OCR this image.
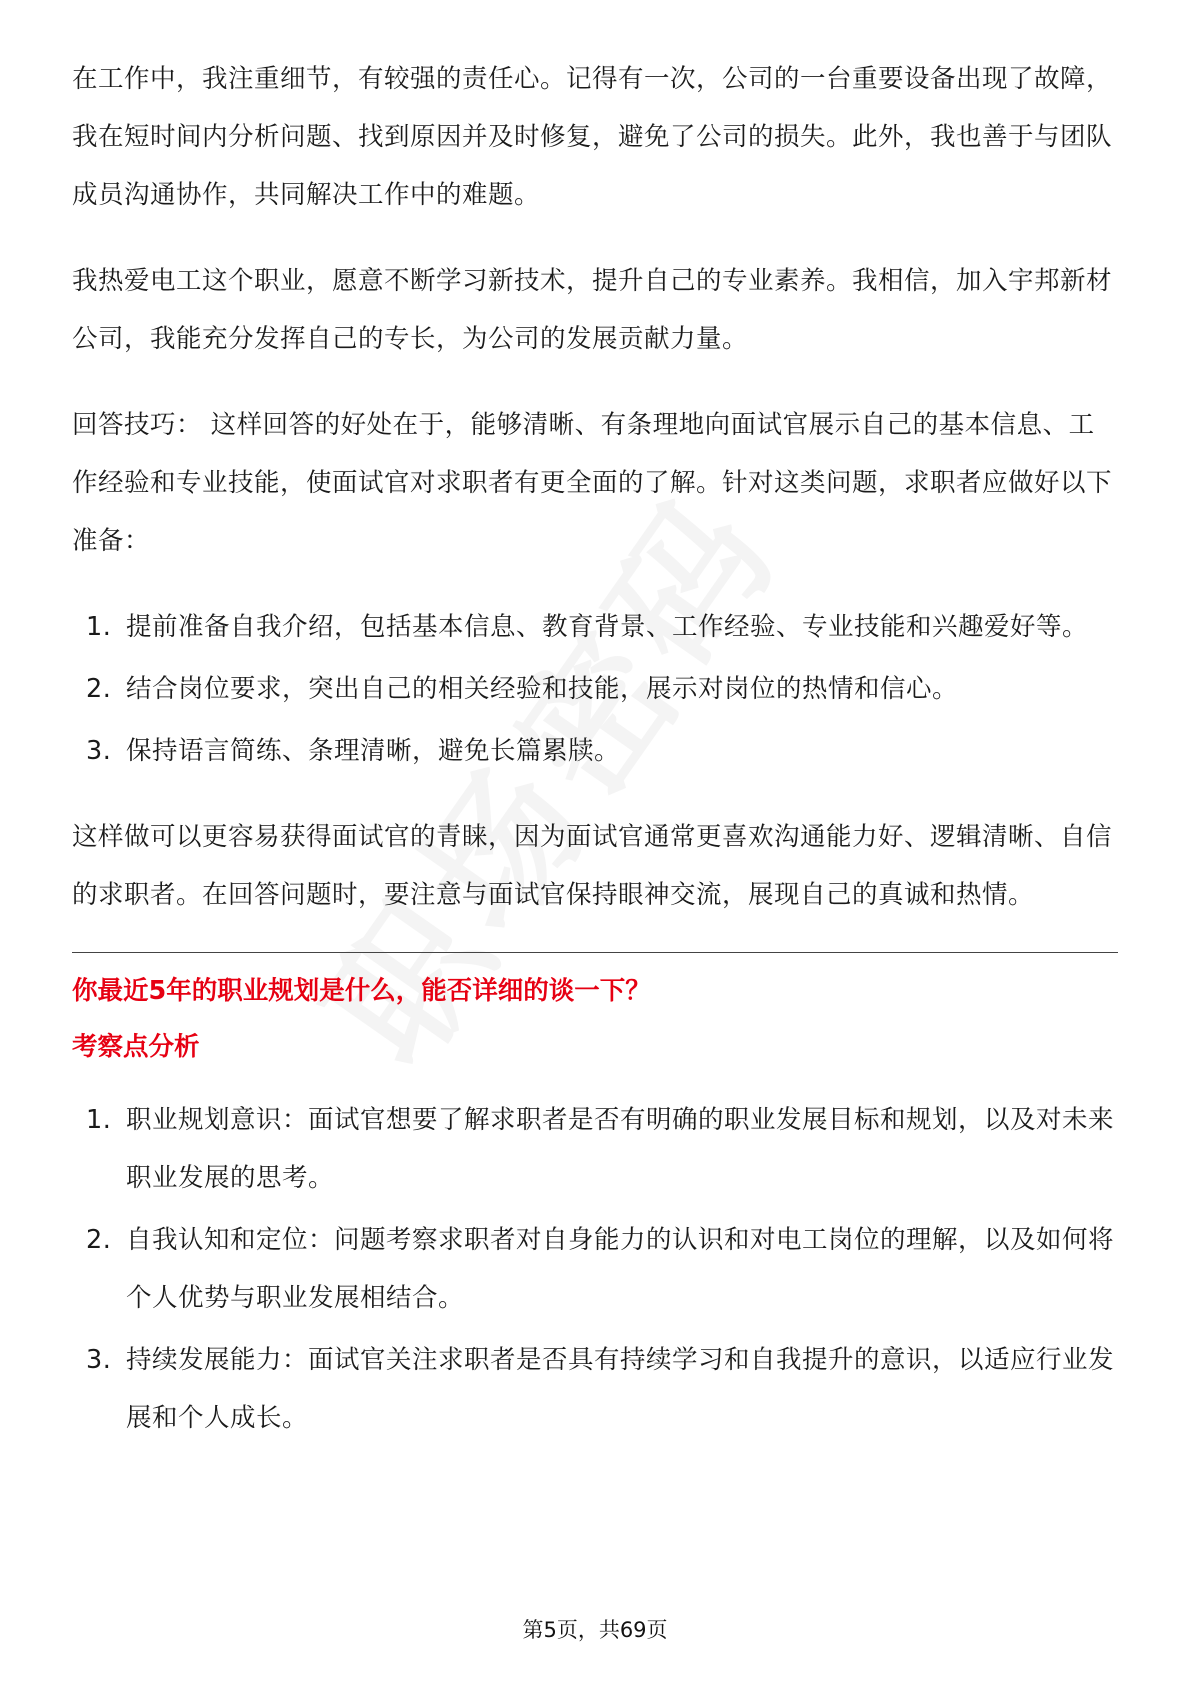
在工作中，我注重细节，有较强的责任心。记得有一次，公司的一台重要设备出现了故障，我在短时间内分析问题、找到原因并及时修复，避免了公司的损失。此外，我也善于与团队成员沟通协作，共同解决工作中的难题。

我热爱电工这个职业，愿意不断学习新技术，提升自己的专业素养。我相信，加入宇邦新材公司，我能充分发挥自己的专长，为公司的发展贡献力量。

回答技巧： 这样回答的好处在于，能够清晰、有条理地向面试官展示自己的基本信息、工作经验和专业技能，使面试官对求职者有更全面的了解。针对这类问题，求职者应做好以下准备：

1. 提前准备自我介绍，包括基本信息、教育背景、工作经验、专业技能和兴趣爱好等。
2. 结合岗位要求，突出自己的相关经验和技能，展示对岗位的热情和信心。
3. 保持语言简练、条理清晰，避免长篇累牍。

这样做可以更容易获得面试官的青睐，因为面试官通常更喜欢沟通能力好、逻辑清晰、自信的求职者。在回答问题时，要注意与面试官保持眼神交流，展现自己的真诚和热情。

你最近5年的职业规划是什么，能否详细的谈一下？

考察点分析

1. 职业规划意识：面试官想要了解求职者是否有明确的职业发展目标和规划，以及对未来职业发展的思考。
2. 自我认知和定位：问题考察求职者对自身能力的认识和对电工岗位的理解，以及如何将个人优势与职业发展相结合。
3. 持续发展能力：面试官关注求职者是否具有持续学习和自我提升的意识，以适应行业发展和个人成长。
第5页，共69页
